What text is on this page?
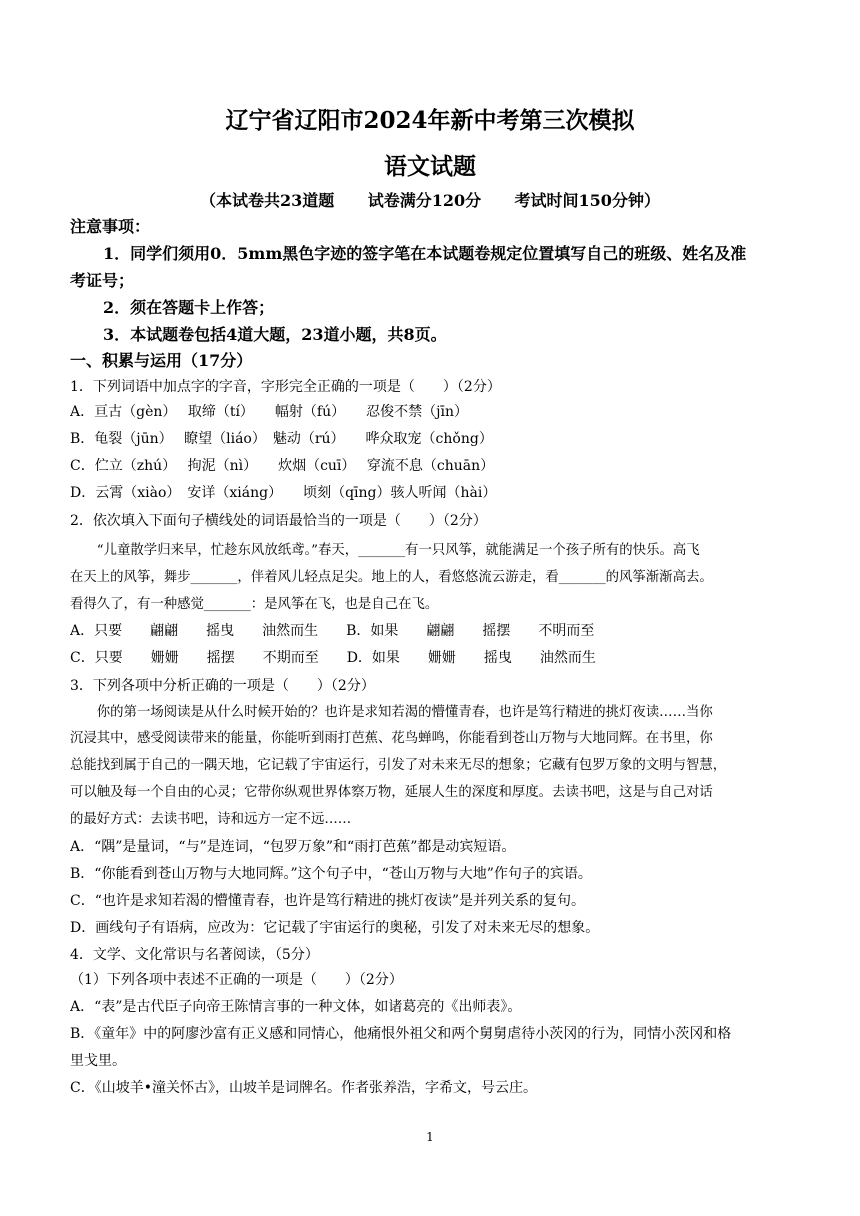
辽宁省辽阳市2024年新中考第三次模拟
语文试题
（本试卷共23道题      试卷满分120分      考试时间150分钟）
注意事项：
1．同学们须用0．5mm黑色字迹的签字笔在本试题卷规定位置填写自己的班级、姓名及准
考证号；
2．须在答题卡上作答；
3．本试题卷包括4道大题，23道小题，共8页。
一、积累与运用（17分）
1．下列词语中加点字的字音，字形完全正确的一项是（　　）（2分）
A．亘古（gèn）　 取缔（tí）　　幅射（fú）　　忍俊不禁（jīn）
B．龟裂（jūn）　 瞭望（liáo）　魅动（rú）　　哗众取宠（chǒng）
C．伫立（zhú）　 拘泥（nì）　　炊烟（cuī）　 穿流不息（chuān）
D．云霄（xiào）　安详（xiáng）　　顷刻（qīng）骇人听闻（hài）
2．依次填入下面句子横线处的词语最恰当的一项是（　　）（2分）
　　“儿童散学归来早，忙趁东风放纸鸢。”春天，_______有一只风筝，就能满足一个孩子所有的快乐。高飞
在天上的风筝，舞步_______，伴着风儿轻点足尖。地上的人，看悠悠流云游走，看_______的风筝渐渐高去。
看得久了，有一种感觉_______：是风筝在飞，也是自己在飞。
A．只要　　翩翩　　摇曳　　油然而生　　B．如果　　翩翩　　摇摆　　不明而至
C．只要　　姗姗　　摇摆　　不期而至　　D．如果　　姗姗　　摇曳　　油然而生
3．下列各项中分析正确的一项是（　　）（2分）
　　你的第一场阅读是从什么时候开始的？也许是求知若渴的懵懂青春，也许是笃行精进的挑灯夜读……当你
沉浸其中，感受阅读带来的能量，你能听到雨打芭蕉、花鸟蝉鸣，你能看到苍山万物与大地同辉。在书里，你
总能找到属于自己的一隅天地，它记载了宇宙运行，引发了对未来无尽的想象；它藏有包罗万象的文明与智慧，
可以触及每一个自由的心灵；它带你纵观世界体察万物，延展人生的深度和厚度。去读书吧，这是与自己对话
的最好方式：去读书吧，诗和远方一定不远……
A．“隅”是量词，“与”是连词，“包罗万象”和“雨打芭蕉”都是动宾短语。
B．“你能看到苍山万物与大地同辉。”这个句子中，“苍山万物与大地”作句子的宾语。
C．“也许是求知若渴的懵懂青春，也许是笃行精进的挑灯夜读”是并列关系的复句。
D．画线句子有语病，应改为：它记载了宇宙运行的奥秘，引发了对未来无尽的想象。
4．文学、文化常识与名著阅读，（5分）
（1）下列各项中表述不正确的一项是（　　）（2分）
A．“表”是古代臣子向帝王陈情言事的一种文体，如诸葛亮的《出师表》。
B．《童年》中的阿廖沙富有正义感和同情心，他痛恨外祖父和两个舅舅虐待小茨冈的行为，同情小茨冈和格
里戈里。
C．《山坡羊•潼关怀古》，山坡羊是词牌名。作者张养浩，字希文，号云庄。
1
